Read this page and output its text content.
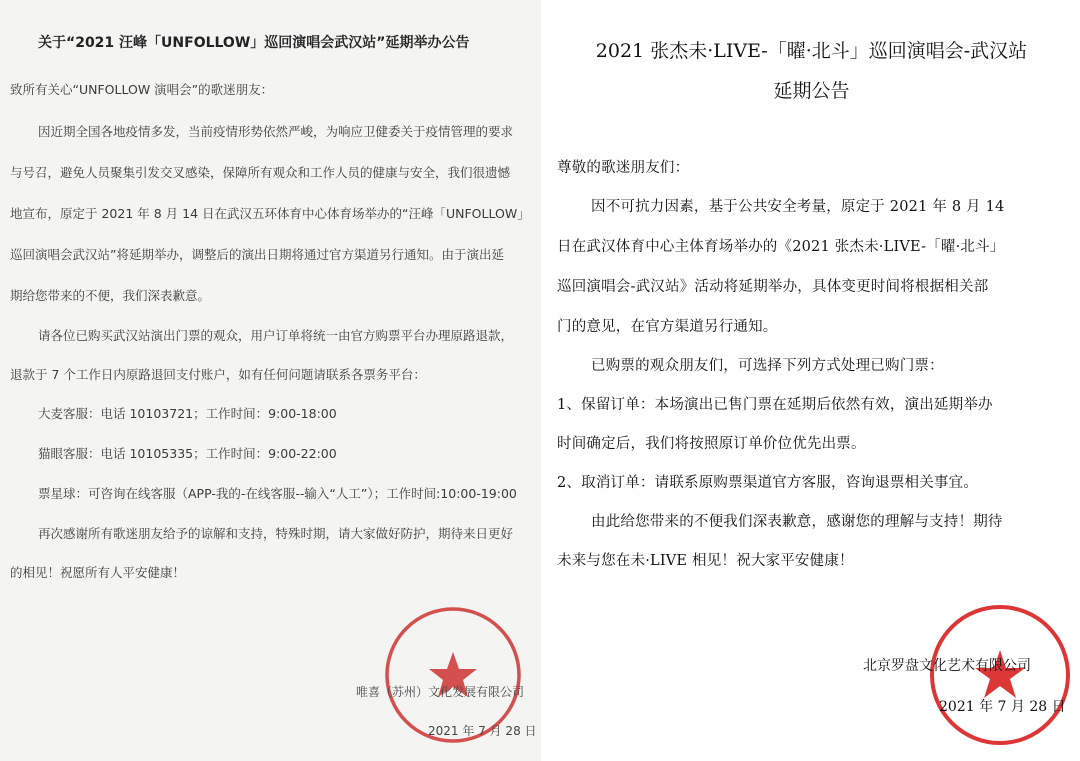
关于“2021 汪峰「UNFOLLOW」巡回演唱会武汉站”延期举办公告
致所有关心“UNFOLLOW 演唱会”的歌迷朋友：
因近期全国各地疫情多发，当前疫情形势依然严峻，为响应卫健委关于疫情管理的要求
与号召，避免人员聚集引发交叉感染，保障所有观众和工作人员的健康与安全，我们很遗憾
地宣布，原定于 2021 年 8 月 14 日在武汉五环体育中心体育场举办的“汪峰「UNFOLLOW」
巡回演唱会武汉站”将延期举办，调整后的演出日期将通过官方渠道另行通知。由于演出延
期给您带来的不便，我们深表歉意。
请各位已购买武汉站演出门票的观众，用户订单将统一由官方购票平台办理原路退款，
退款于 7 个工作日内原路退回支付账户，如有任何问题请联系各票务平台：
大麦客服：电话 10103721；工作时间：9:00-18:00
猫眼客服：电话 10105335；工作时间：9:00-22:00
票星球：可咨询在线客服（APP-我的-在线客服--输入“人工”）；工作时间:10:00-19:00
再次感谢所有歌迷朋友给予的谅解和支持，特殊时期，请大家做好防护，期待来日更好
的相见！祝愿所有人平安健康！
唯喜（苏州）文化发展有限公司
2021 年 7 月 28 日
2021 张杰未·LIVE-「曜·北斗」巡回演唱会-武汉站
延期公告
尊敬的歌迷朋友们：
因不可抗力因素，基于公共安全考量，原定于 2021 年 8 月 14
日在武汉体育中心主体育场举办的《2021 张杰未·LIVE-「曜·北斗」
巡回演唱会-武汉站》活动将延期举办，具体变更时间将根据相关部
门的意见，在官方渠道另行通知。
已购票的观众朋友们，可选择下列方式处理已购门票：
1、保留订单：本场演出已售门票在延期后依然有效，演出延期举办
时间确定后，我们将按照原订单价位优先出票。
2、取消订单：请联系原购票渠道官方客服，咨询退票相关事宜。
由此给您带来的不便我们深表歉意，感谢您的理解与支持！期待
未来与您在未·LIVE 相见！祝大家平安健康！
北京罗盘文化艺术有限公司
2021 年 7 月 28 日
